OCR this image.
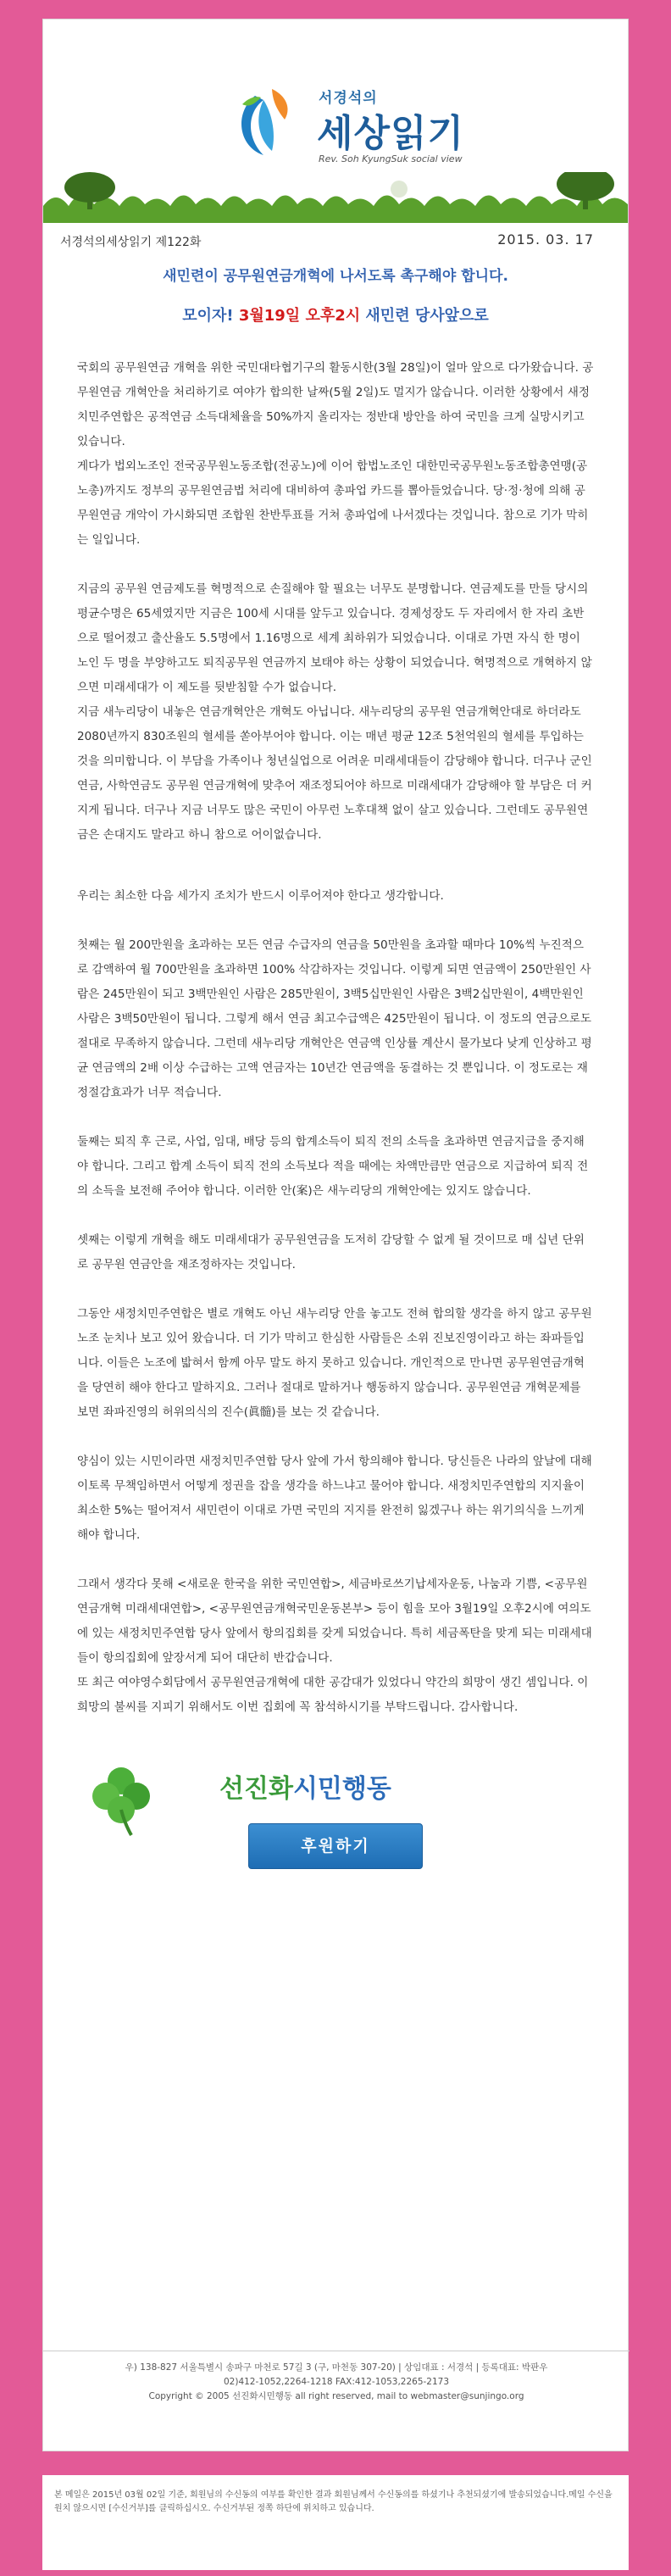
서경석의
세상읽기
Rev. Soh KyungSuk social view
서경석의세상읽기 제122화	2015. 03. 17
새민련이 공무원연금개혁에 나서도록 촉구해야 합니다.
모이자! 3월19일 오후2시 새민련 당사앞으로

국회의 공무원연금 개혁을 위한 국민대타협기구의 활동시한(3월 28일)이 얼마 앞으로 다가왔습니다. 공무원연금 개혁안을 처리하기로 여야가 합의한 날짜(5월 2일)도 멀지가 않습니다. 이러한 상황에서 새정치민주연합은 공적연금 소득대체율을 50%까지 올리자는 정반대 방안을 하여 국민을 크게 실망시키고 있습니다.

게다가 법외노조인 전국공무원노동조합(전공노)에 이어 합법노조인 대한민국공무원노동조합총연맹(공노총)까지도 정부의 공무원연금법 처리에 대비하여 총파업 카드를 뽑아들었습니다. 당·정·청에 의해 공무원연금 개악이 가시화되면 조합원 찬반투표를 거쳐 총파업에 나서겠다는 것입니다. 참으로 기가 막히는 일입니다.

지금의 공무원 연금제도를 혁명적으로 손질해야 할 필요는 너무도 분명합니다. 연금제도를 만들 당시의 평균수명은 65세였지만 지금은 100세 시대를 앞두고 있습니다. 경제성장도 두 자리에서 한 자리 초반으로 떨어졌고 출산율도 5.5명에서 1.16명으로 세계 최하위가 되었습니다. 이대로 가면 자식 한 명이 노인 두 명을 부양하고도 퇴직공무원 연금까지 보태야 하는 상황이 되었습니다. 혁명적으로 개혁하지 않으면 미래세대가 이 제도를 뒷받침할 수가 없습니다.

지금 새누리당이 내놓은 연금개혁안은 개혁도 아닙니다. 새누리당의 공무원 연금개혁안대로 하더라도 2080년까지 830조원의 혈세를 쏟아부어야 합니다. 이는 매년 평균 12조 5천억원의 혈세를 투입하는 것을 의미합니다. 이 부담을 가족이나 청년실업으로 어려운 미래세대들이 감당해야 합니다. 더구나 군인연금, 사학연금도 공무원 연금개혁에 맞추어 재조정되어야 하므로 미래세대가 감당해야 할 부담은 더 커지게 됩니다. 더구나 지금 너무도 많은 국민이 아무런 노후대책 없이 살고 있습니다. 그런데도 공무원연금은 손대지도 말라고 하니 참으로 어이없습니다.

우리는 최소한 다음 세가지 조치가 반드시 이루어져야 한다고 생각합니다.

첫째는 월 200만원을 초과하는 모든 연금 수급자의 연금을 50만원을 초과할 때마다 10%씩 누진적으로 감액하여 월 700만원을 초과하면 100% 삭감하자는 것입니다. 이렇게 되면 연금액이 250만원인 사람은 245만원이 되고 3백만원인 사람은 285만원이, 3백5십만원인 사람은 3백2십만원이, 4백만원인 사람은 3백50만원이 됩니다. 그렇게 해서 연금 최고수급액은 425만원이 됩니다. 이 정도의 연금으로도 절대로 무족하지 않습니다. 그런데 새누리당 개혁안은 연금액 인상률 계산시 물가보다 낮게 인상하고 평균 연금액의 2배 이상 수급하는 고액 연금자는 10년간 연금액을 동결하는 것 뿐입니다. 이 정도로는 재정절감효과가 너무 적습니다.

둘째는 퇴직 후 근로, 사업, 임대, 배당 등의 합계소득이 퇴직 전의 소득을 초과하면 연금지급을 중지해야 합니다. 그리고 합계 소득이 퇴직 전의 소득보다 적을 때에는 차액만큼만 연금으로 지급하여 퇴직 전의 소득을 보전해 주어야 합니다. 이러한 안(案)은 새누리당의 개혁안에는 있지도 않습니다.

셋째는 이렇게 개혁을 해도 미래세대가 공무원연금을 도저히 감당할 수 없게 될 것이므로 매 십년 단위로 공무원 연금안을 재조정하자는 것입니다.

그동안 새정치민주연합은 별로 개혁도 아닌 새누리당 안을 놓고도 전혀 합의할 생각을 하지 않고 공무원노조 눈치나 보고 있어 왔습니다. 더 기가 막히고 한심한 사람들은 소위 진보진영이라고 하는 좌파들입니다. 이들은 노조에 밟혀서 함께 아무 말도 하지 못하고 있습니다. 개인적으로 만나면 공무원연금개혁을 당연히 해야 한다고 말하지요. 그러나 절대로 말하거나 행동하지 않습니다. 공무원연금 개혁문제를 보면 좌파진영의 허위의식의 진수(眞髓)를 보는 것 같습니다.

양심이 있는 시민이라면 새정치민주연합 당사 앞에 가서 항의해야 합니다. 당신들은 나라의 앞날에 대해 이토록 무책임하면서 어떻게 정권을 잡을 생각을 하느냐고 물어야 합니다. 새정치민주연합의 지지율이 최소한 5%는 떨어져서 새민련이 이대로 가면 국민의 지지를 완전히 잃겠구나 하는 위기의식을 느끼게 해야 합니다.

그래서 생각다 못해 <새로운 한국을 위한 국민연합>, 세금바로쓰기납세자운동, 나눔과 기쁨, <공무원연금개혁 미래세대연합>, <공무원연금개혁국민운동본부> 등이 힘을 모아 3월19일 오후2시에 여의도에 있는 새정치민주연합 당사 앞에서 항의집회를 갖게 되었습니다. 특히 세금폭탄을 맞게 되는 미래세대들이 항의집회에 앞장서게 되어 대단히 반갑습니다.

또 최근 여야영수회담에서 공무원연금개혁에 대한 공감대가 있었다니 약간의 희망이 생긴 셈입니다. 이 희망의 불씨를 지피기 위해서도 이번 집회에 꼭 참석하시기를 부탁드립니다. 감사합니다.

선진화시민행동
후원하기
우) 138-827 서울특별시 송파구 마천로 57길 3 (구, 마천동 307-20) | 상임대표 : 서경석 | 등록대표: 박판우
02)412-1052,2264-1218 FAX:412-1053,2265-2173
Copyright © 2005 선진화시민행동 all right reserved, mail to webmaster@sunjingo.org
본 메일은 2015년 03월 02일 기준, 회원님의 수신동의 여부를 확인한 결과 회원님께서 수신동의를 하셨기나 추천되셨기에 발송되었습니다.메일 수신을 원치 않으시면 [수신거부]를 클릭하십시오. 수신거부된 정쪽 하단에 위치하고 있습니다.
